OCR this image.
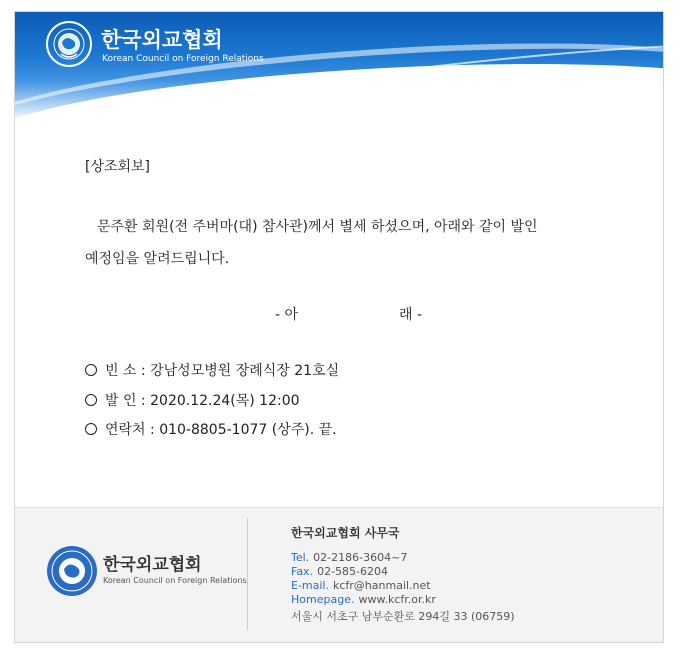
한국외교협회
Korean Council on Foreign Relations
[상조회보]
문주환 회원(전 주버마(대) 참사관)께서 별세 하셨으며, 아래와 같이 발인
예정임을 알려드립니다.
- 아	래 -
빈 소 :
강남성모병원 장례식장 21호실
발 인 :
2020.12.24(목) 12:00
연락처 :
010-8805-1077 (상주). 끝.
한국외교협회
Korean Council on Foreign Relations
한국외교협회 사무국
Tel. 02-2186-3604~7
Fax. 02-585-6204
E-mail. kcfr@hanmail.net
Homepage. www.kcfr.or.kr
서울시 서초구 남부순환로 294길 33 (06759)
